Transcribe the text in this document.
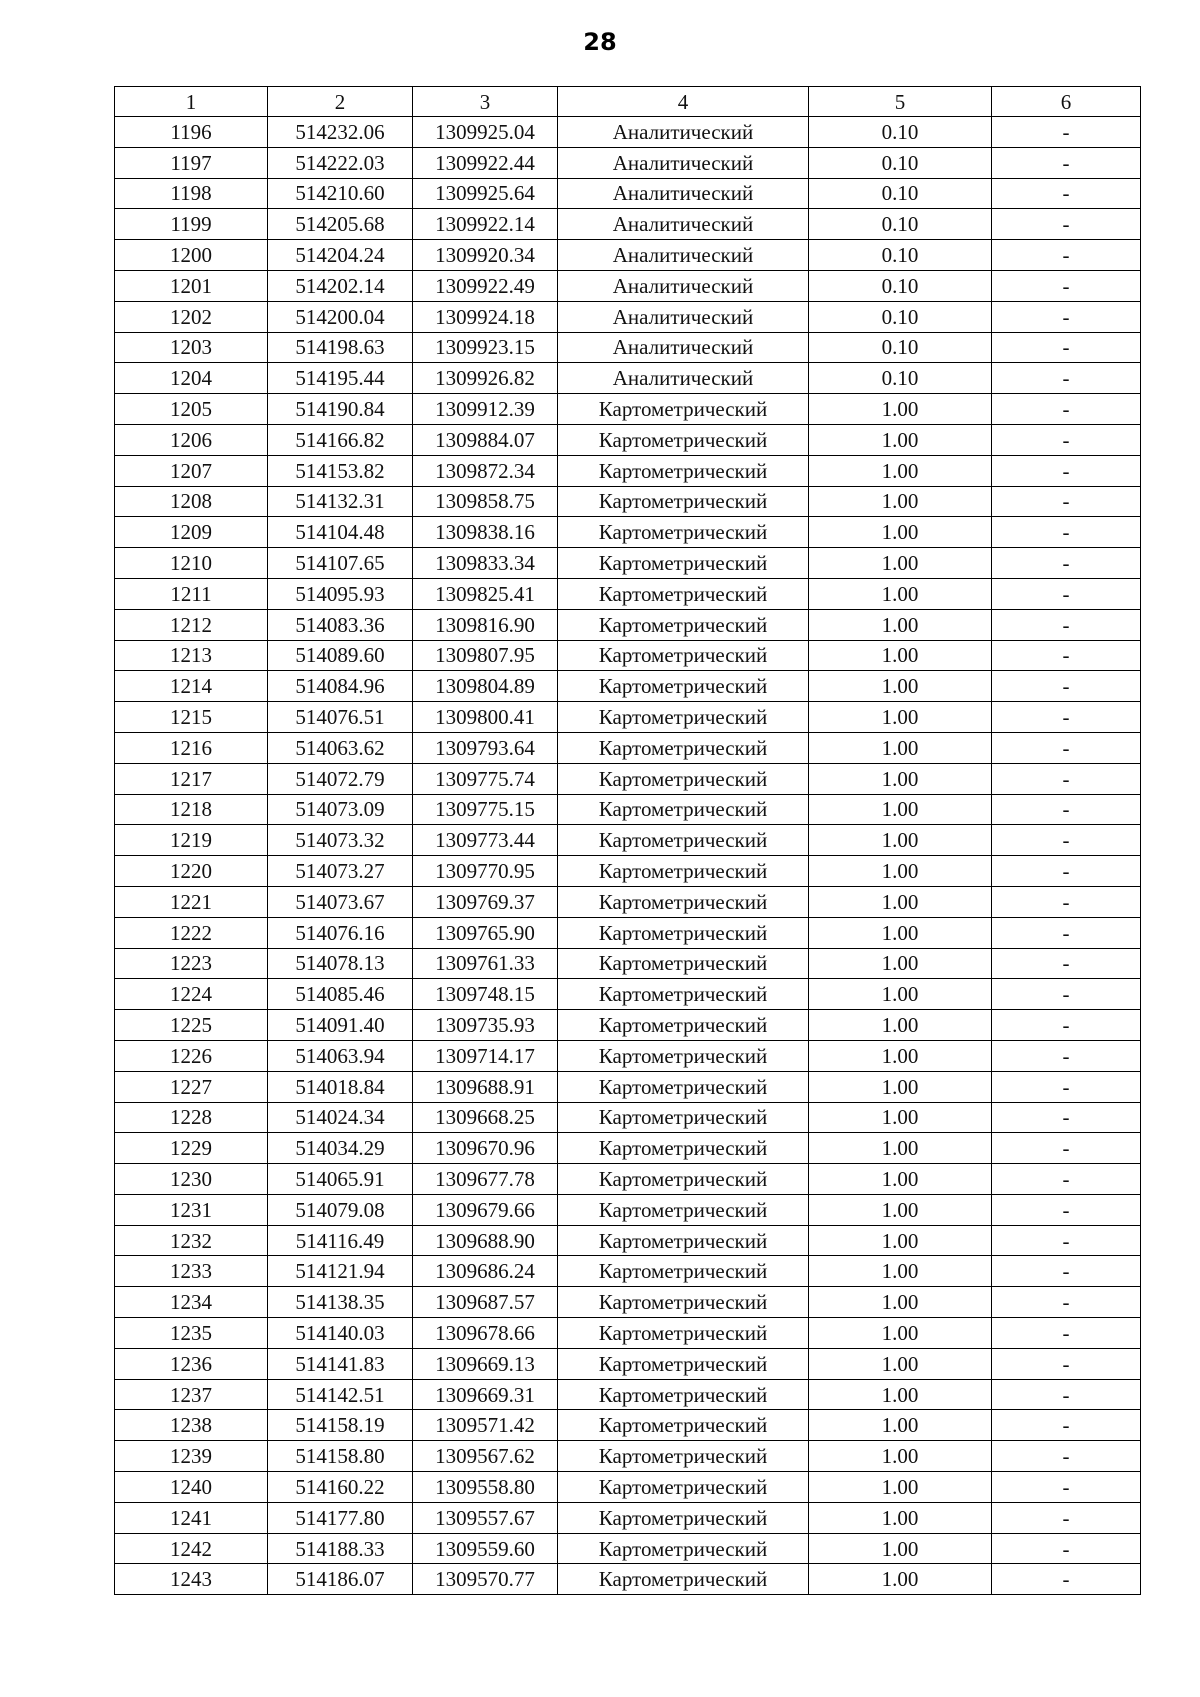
28
1	2	3	4	5	6
1196	514232.06	1309925.04	Аналитический	0.10	-
1197	514222.03	1309922.44	Аналитический	0.10	-
1198	514210.60	1309925.64	Аналитический	0.10	-
1199	514205.68	1309922.14	Аналитический	0.10	-
1200	514204.24	1309920.34	Аналитический	0.10	-
1201	514202.14	1309922.49	Аналитический	0.10	-
1202	514200.04	1309924.18	Аналитический	0.10	-
1203	514198.63	1309923.15	Аналитический	0.10	-
1204	514195.44	1309926.82	Аналитический	0.10	-
1205	514190.84	1309912.39	Картометрический	1.00	-
1206	514166.82	1309884.07	Картометрический	1.00	-
1207	514153.82	1309872.34	Картометрический	1.00	-
1208	514132.31	1309858.75	Картометрический	1.00	-
1209	514104.48	1309838.16	Картометрический	1.00	-
1210	514107.65	1309833.34	Картометрический	1.00	-
1211	514095.93	1309825.41	Картометрический	1.00	-
1212	514083.36	1309816.90	Картометрический	1.00	-
1213	514089.60	1309807.95	Картометрический	1.00	-
1214	514084.96	1309804.89	Картометрический	1.00	-
1215	514076.51	1309800.41	Картометрический	1.00	-
1216	514063.62	1309793.64	Картометрический	1.00	-
1217	514072.79	1309775.74	Картометрический	1.00	-
1218	514073.09	1309775.15	Картометрический	1.00	-
1219	514073.32	1309773.44	Картометрический	1.00	-
1220	514073.27	1309770.95	Картометрический	1.00	-
1221	514073.67	1309769.37	Картометрический	1.00	-
1222	514076.16	1309765.90	Картометрический	1.00	-
1223	514078.13	1309761.33	Картометрический	1.00	-
1224	514085.46	1309748.15	Картометрический	1.00	-
1225	514091.40	1309735.93	Картометрический	1.00	-
1226	514063.94	1309714.17	Картометрический	1.00	-
1227	514018.84	1309688.91	Картометрический	1.00	-
1228	514024.34	1309668.25	Картометрический	1.00	-
1229	514034.29	1309670.96	Картометрический	1.00	-
1230	514065.91	1309677.78	Картометрический	1.00	-
1231	514079.08	1309679.66	Картометрический	1.00	-
1232	514116.49	1309688.90	Картометрический	1.00	-
1233	514121.94	1309686.24	Картометрический	1.00	-
1234	514138.35	1309687.57	Картометрический	1.00	-
1235	514140.03	1309678.66	Картометрический	1.00	-
1236	514141.83	1309669.13	Картометрический	1.00	-
1237	514142.51	1309669.31	Картометрический	1.00	-
1238	514158.19	1309571.42	Картометрический	1.00	-
1239	514158.80	1309567.62	Картометрический	1.00	-
1240	514160.22	1309558.80	Картометрический	1.00	-
1241	514177.80	1309557.67	Картометрический	1.00	-
1242	514188.33	1309559.60	Картометрический	1.00	-
1243	514186.07	1309570.77	Картометрический	1.00	-
